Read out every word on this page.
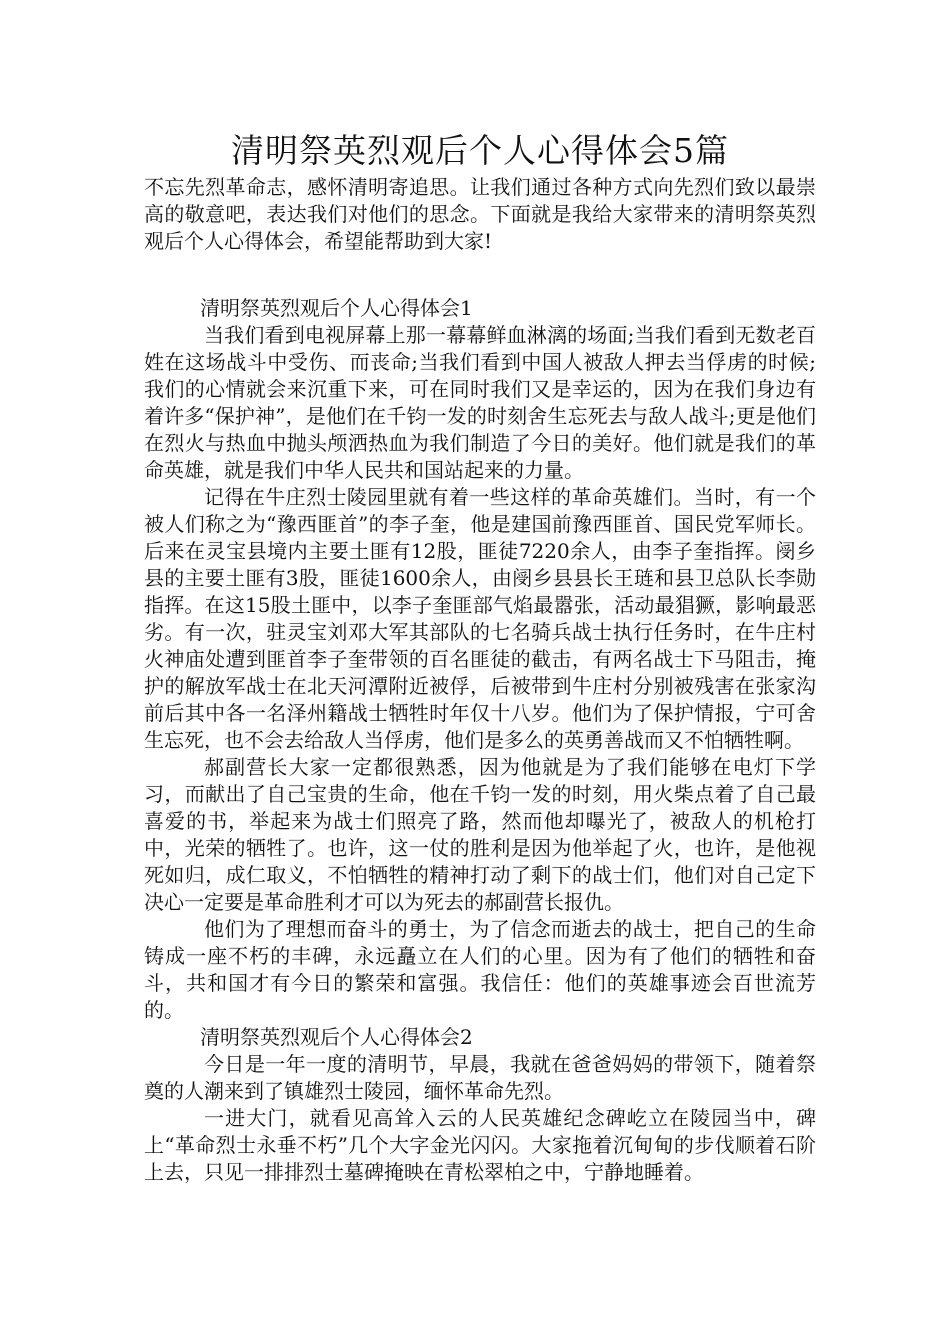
清明祭英烈观后个人心得体会5篇

不忘先烈革命志，感怀清明寄追思。让我们通过各种方式向先烈们致以最崇高的敬意吧，表达我们对他们的思念。下面就是我给大家带来的清明祭英烈观后个人心得体会，希望能帮助到大家!

清明祭英烈观后个人心得体会1

当我们看到电视屏幕上那一幕幕鲜血淋漓的场面;当我们看到无数老百姓在这场战斗中受伤、而丧命;当我们看到中国人被敌人押去当俘虏的时候;我们的心情就会来沉重下来，可在同时我们又是幸运的，因为在我们身边有着许多“保护神”，是他们在千钧一发的时刻舍生忘死去与敌人战斗;更是他们在烈火与热血中抛头颅洒热血为我们制造了今日的美好。他们就是我们的革命英雄，就是我们中华人民共和国站起来的力量。

记得在牛庄烈士陵园里就有着一些这样的革命英雄们。当时，有一个被人们称之为“豫西匪首”的李子奎，他是建国前豫西匪首、国民党军师长。后来在灵宝县境内主要土匪有12股，匪徒7220余人，由李子奎指挥。阌乡县的主要土匪有3股，匪徒1600余人，由阌乡县县长王琏和县卫总队长李勋指挥。在这15股土匪中，以李子奎匪部气焰最嚣张，活动最猖獗，影响最恶劣。有一次，驻灵宝刘邓大军其部队的七名骑兵战士执行任务时，在牛庄村火神庙处遭到匪首李子奎带领的百名匪徒的截击，有两名战士下马阻击，掩护的解放军战士在北天河潭附近被俘，后被带到牛庄村分别被残害在张家沟前后其中各一名泽州籍战士牺牲时年仅十八岁。他们为了保护情报，宁可舍生忘死，也不会去给敌人当俘虏，他们是多么的英勇善战而又不怕牺牲啊。

郝副营长大家一定都很熟悉，因为他就是为了我们能够在电灯下学习，而献出了自己宝贵的生命，他在千钧一发的时刻，用火柴点着了自己最喜爱的书，举起来为战士们照亮了路，然而他却曝光了，被敌人的机枪打中，光荣的牺牲了。也许，这一仗的胜利是因为他举起了火，也许，是他视死如归，成仁取义，不怕牺牲的精神打动了剩下的战士们，他们对自己定下决心一定要是革命胜利才可以为死去的郝副营长报仇。

他们为了理想而奋斗的勇士，为了信念而逝去的战士，把自己的生命铸成一座不朽的丰碑，永远矗立在人们的心里。因为有了他们的牺牲和奋斗，共和国才有今日的繁荣和富强。我信任：他们的英雄事迹会百世流芳的。

清明祭英烈观后个人心得体会2

今日是一年一度的清明节，早晨，我就在爸爸妈妈的带领下，随着祭奠的人潮来到了镇雄烈士陵园，缅怀革命先烈。

一进大门，就看见高耸入云的人民英雄纪念碑屹立在陵园当中，碑上“革命烈士永垂不朽”几个大字金光闪闪。大家拖着沉甸甸的步伐顺着石阶上去，只见一排排烈士墓碑掩映在青松翠柏之中，宁静地睡着。
